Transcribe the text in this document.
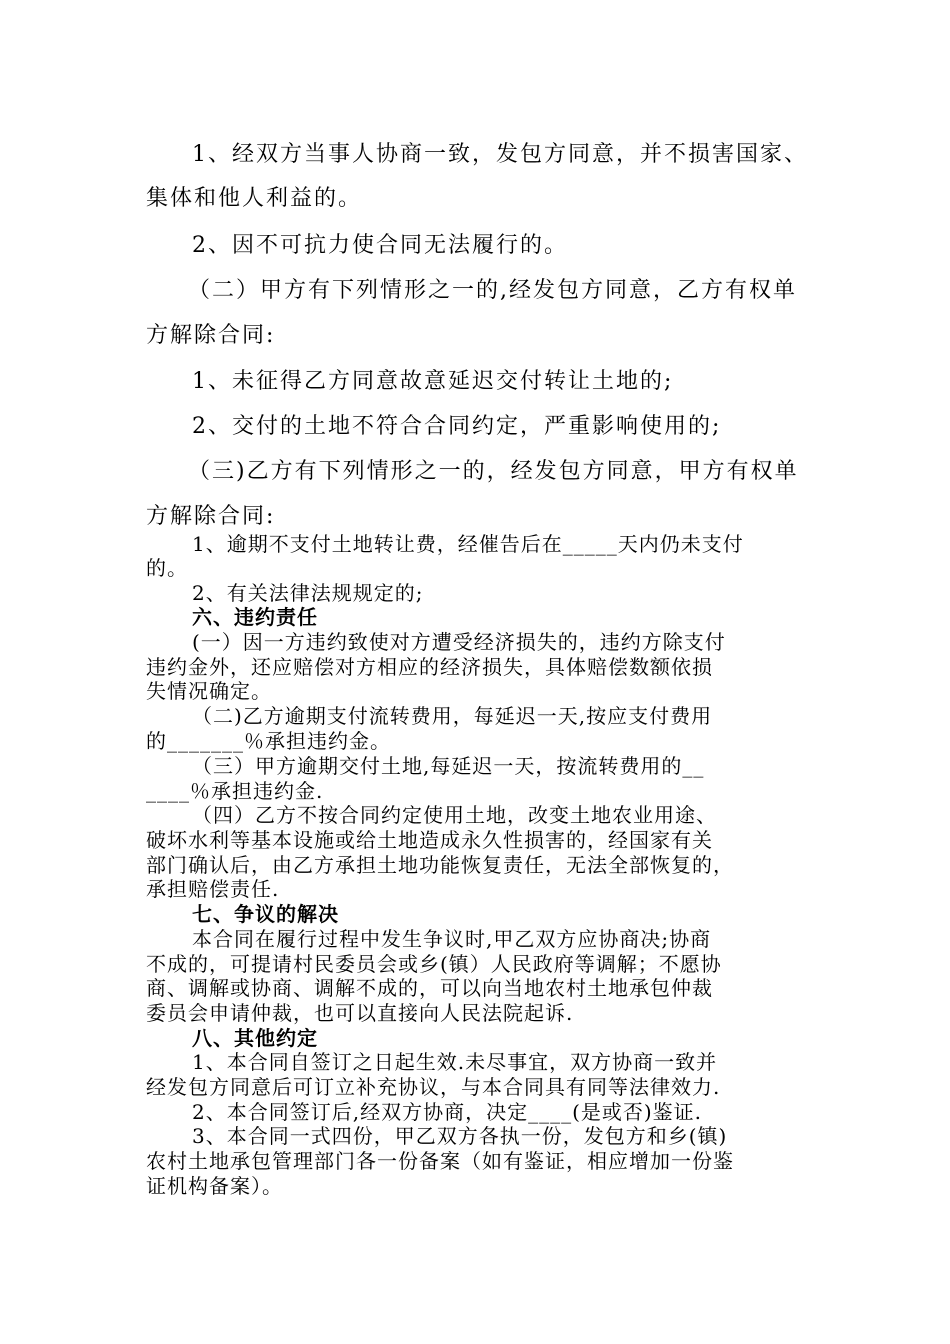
1、经双方当事人协商一致，发包方同意，并不损害国家、

集体和他人利益的。

2、因不可抗力使合同无法履行的。

（二）甲方有下列情形之一的,经发包方同意，乙方有权单

方解除合同:

1、未征得乙方同意故意延迟交付转让土地的;

2、交付的土地不符合合同约定，严重影响使用的;

（三)乙方有下列情形之一的，经发包方同意，甲方有权单

方解除合同:

1、逾期不支付土地转让费，经催告后在_____天内仍未支付

的。

2、有关法律法规规定的;

六、违约责任

(一）因一方违约致使对方遭受经济损失的，违约方除支付

违约金外，还应赔偿对方相应的经济损失，具体赔偿数额依损

失情况确定。

（二)乙方逾期支付流转费用，每延迟一天,按应支付费用

的_______％承担违约金。

（三）甲方逾期交付土地,每延迟一天，按流转费用的__

____％承担违约金.

（四）乙方不按合同约定使用土地，改变土地农业用途、

破坏水利等基本设施或给土地造成永久性损害的，经国家有关

部门确认后，由乙方承担土地功能恢复责任，无法全部恢复的，

承担赔偿责任.

七、争议的解决

本合同在履行过程中发生争议时,甲乙双方应协商决;协商

不成的，可提请村民委员会或乡(镇）人民政府等调解；不愿协

商、调解或协商、调解不成的，可以向当地农村土地承包仲裁

委员会申请仲裁，也可以直接向人民法院起诉.

八、其他约定

1、本合同自签订之日起生效.未尽事宜，双方协商一致并

经发包方同意后可订立补充协议，与本合同具有同等法律效力.

2、本合同签订后,经双方协商，决定____(是或否)鉴证.

3、本合同一式四份，甲乙双方各执一份，发包方和乡(镇)

农村土地承包管理部门各一份备案（如有鉴证，相应增加一份鉴

证机构备案）。
